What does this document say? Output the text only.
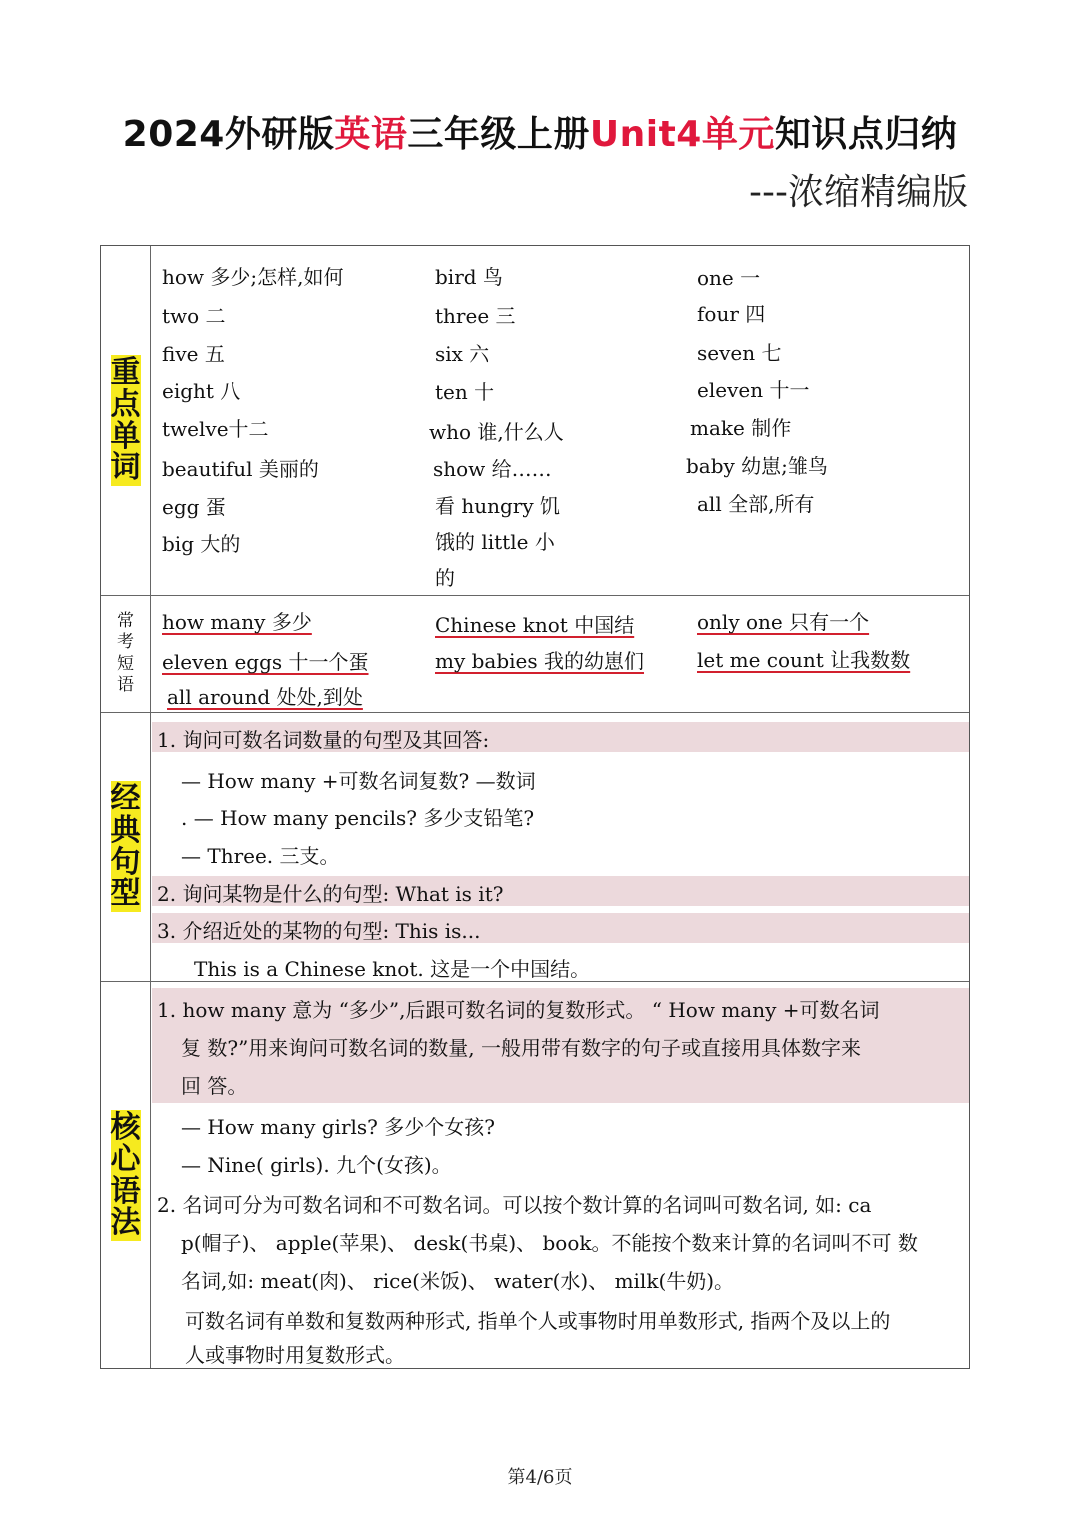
2024外研版英语三年级上册Unit4单元知识点归纳
---浓缩精编版
重
点
单
词
常
考
短
语
经
典
句
型
核
心
语
法
how 多少;怎样,如何
two 二
five 五
eight 八
twelve十二
beautiful 美丽的
egg 蛋
big 大的
bird 鸟
three 三
six 六
ten 十
who 谁,什么人
show 给……
看 hungry 饥
饿的 little 小
的
one 一
four 四
seven 七
eleven 十一
make 制作
baby 幼崽;雏鸟
all 全部,所有
how many 多少
eleven eggs 十一个蛋
all around 处处,到处
Chinese knot 中国结
my babies 我的幼崽们
only one 只有一个
let me count 让我数数
1. 询问可数名词数量的句型及其回答:
— How many +可数名词复数? —数词
. — How many pencils? 多少支铅笔?
— Three. 三支。
2. 询问某物是什么的句型: What is it?
3. 介绍近处的某物的句型: This is...
This is a Chinese knot. 这是一个中国结。
1. how many 意为 “多少”,后跟可数名词的复数形式。 “ How many +可数名词
复 数?”用来询问可数名词的数量, 一般用带有数字的句子或直接用具体数字来
回 答。
— How many girls? 多少个女孩?
— Nine( girls). 九个(女孩)。
2. 名词可分为可数名词和不可数名词。可以按个数计算的名词叫可数名词, 如: ca
p(帽子)、 apple(苹果)、 desk(书桌)、 book。不能按个数来计算的名词叫不可 数
名词,如: meat(肉)、 rice(米饭)、 water(水)、 milk(牛奶)。
可数名词有单数和复数两种形式, 指单个人或事物时用单数形式, 指两个及以上的
人或事物时用复数形式。
第4/6页
